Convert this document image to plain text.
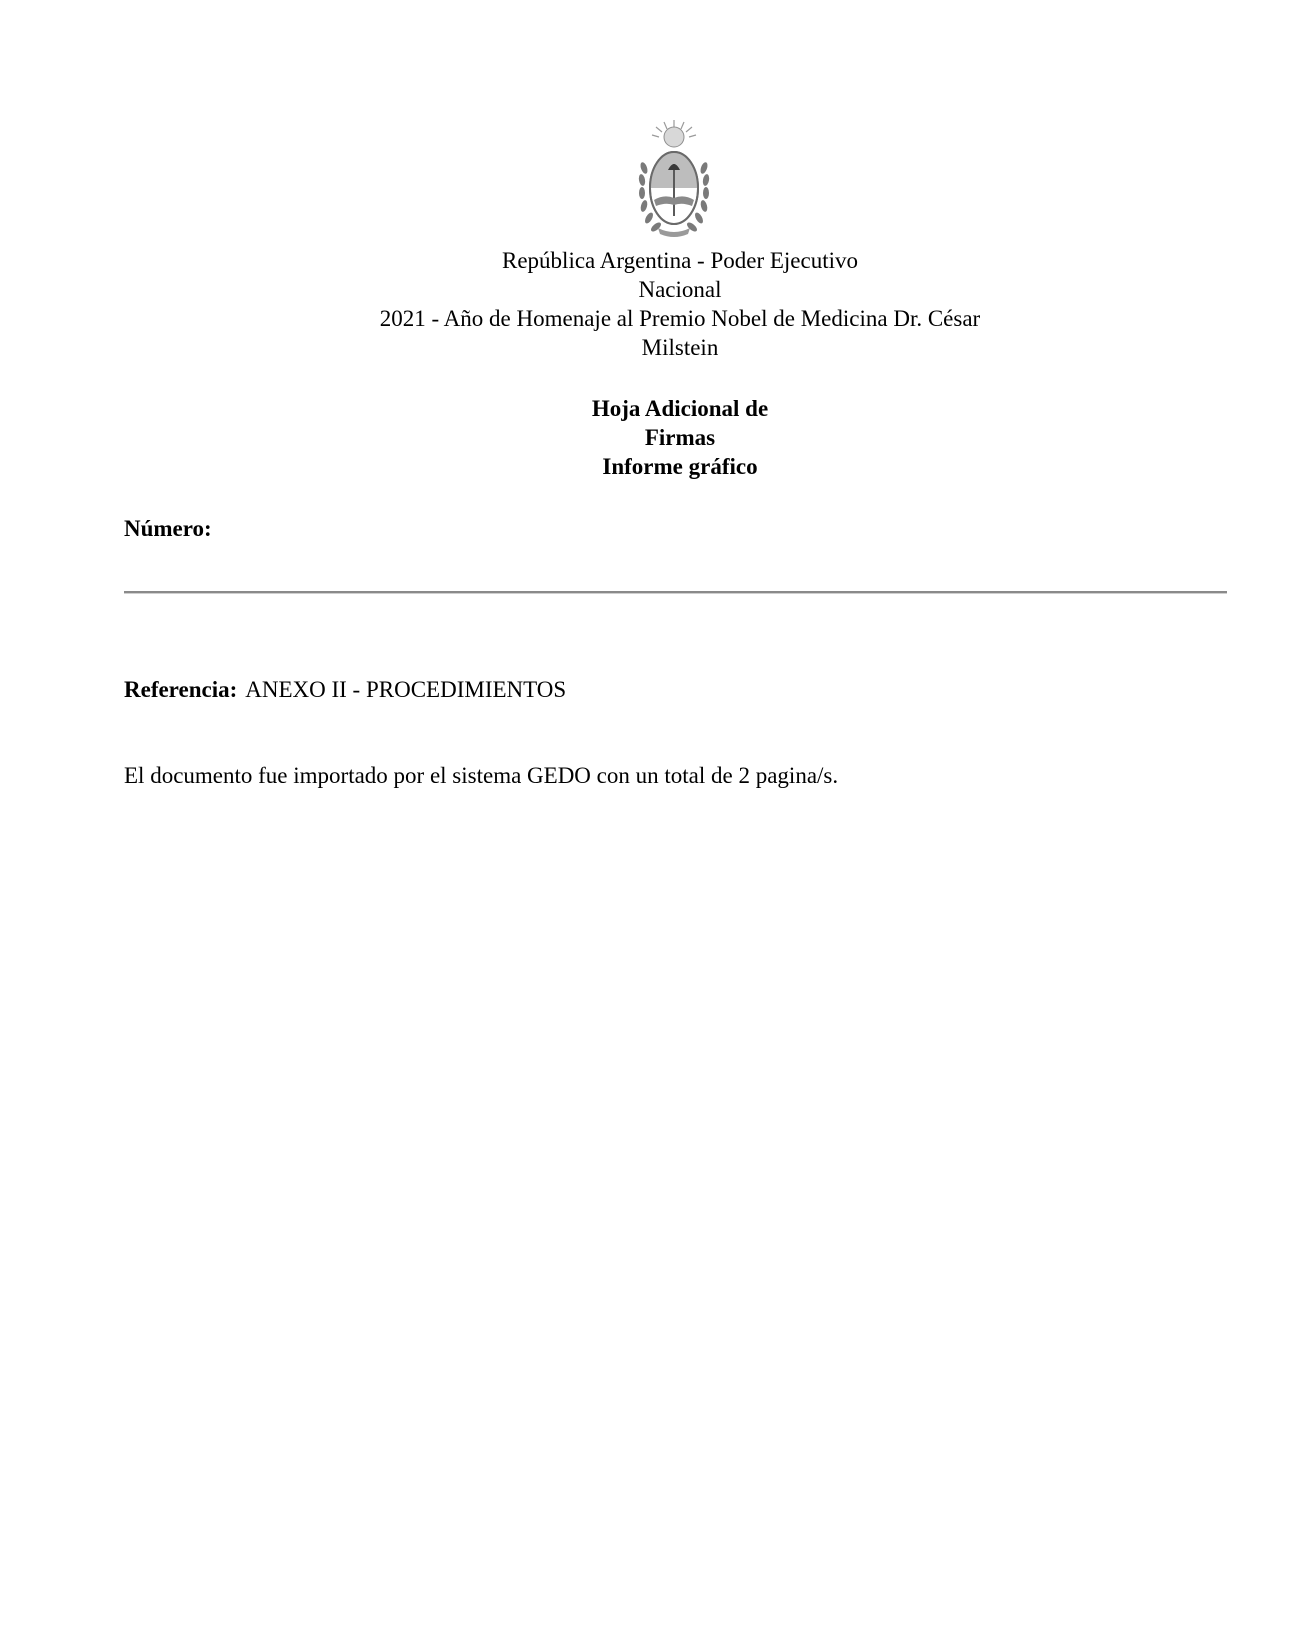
República Argentina - Poder Ejecutivo
Nacional
2021 - Año de Homenaje al Premio Nobel de Medicina Dr. César
Milstein
Hoja Adicional de
Firmas
Informe gráfico
Número:
Referencia: ANEXO II - PROCEDIMIENTOS
El documento fue importado por el sistema GEDO con un total de 2 pagina/s.
